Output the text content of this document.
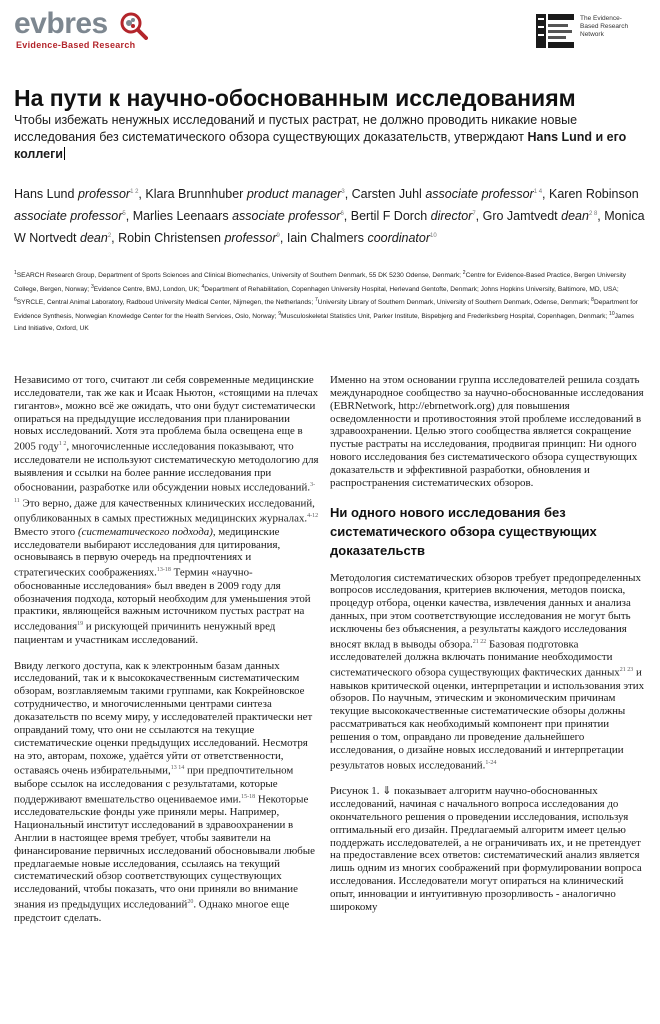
evbres
Evidence-Based Research
The Evidence-
Based Research
Network
На пути к научно-обоснованным исследованиям

Чтобы избежать ненужных исследований и пустых растрат, не должно проводить никакие новые исследования без систематического обзора существующих доказательств, утверждают Hans Lund и его коллеги

Hans Lund professor$^{1 2}$, Klara Brunnhuber product manager$^3$, Carsten Juhl associate professor$^{1 4}$, Karen Robinson associate professor$^5$, Marlies Leenaars associate professor$^6$, Bertil F Dorch director$^7$, Gro Jamtvedt dean$^{2 8}$, Monica W Nortvedt dean$^2$, Robin Christensen professor$^9$, Iain Chalmers coordinator$^{10}$

$^1$SEARCH Research Group, Department of Sports Sciences and Clinical Biomechanics, University of Southern Denmark, 55 DK 5230 Odense, Denmark; $^2$Centre for Evidence-Based Practice, Bergen University College, Bergen, Norway; $^3$Evidence Centre, BMJ, London, UK; $^4$Department of Rehabilitation, Copenhagen University Hospital, Herlevand Gentofte, Denmark; Johns Hopkins University, Baltimore, MD, USA; $^6$SYRCLE, Central Animal Laboratory, Radboud University Medical Center, Nijmegen, the Netherlands; $^7$University Library of Southern Denmark, University of Southern Denmark, Odense, Denmark; $^8$Department for Evidence Synthesis, Norwegian Knowledge Center for the Health Services, Oslo, Norway; $^9$Musculoskeletal Statistics Unit, Parker Institute, Bispebjerg and Frederiksberg Hospital, Copenhagen, Denmark; $^{10}$James Lind Initiative, Oxford, UK

Независимо от того, считают ли себя современные медицинские исследователи, так же как и Исаак Ньютон, «стоящими на плечах гигантов», можно всё же ожидать, что они будут систематически опираться на предыдущие исследования при планировании новых исследований. Хотя эта проблема была освещена еще в 2005 году$^{1 2}$, многочисленные исследования показывают, что исследователи не используют систематическую методологию для выявления и ссылки на более ранние исследования при обосновании, разработке или обсуждении новых исследований.$^{3-11}$ Это верно, даже для качественных клинических исследований, опубликованных в самых престижных медицинских журналах.$^{4-12}$ Вместо этого (систематического подхода), медицинские исследователи выбирают исследования для цитирования, основываясь в первую очередь на предпочтениях и стратегических соображениях.$^{13-18}$ Термин «научно-обоснованные исследования» был введен в 2009 году для обозначения подхода, который необходим для уменьшения этой практики, являющейся важным источником пустых растрат на исследования$^{19}$ и рискующей причинить ненужный вред пациентам и участникам исследований.

Ввиду легкого доступа, как к электронным базам данных исследований, так и к высококачественным систематическим обзорам, возглавляемым такими группами, как Кокрейновское сотрудничество, и многочисленными центрами синтеза доказательств по всему миру, у исследователей практически нет оправданий тому, что они не ссылаются на текущие систематические оценки предыдущих исследований. Несмотря на это, авторам, похоже, удаётся уйти от ответственности, оставаясь очень избирательными,$^{13 14}$ при предпочтительном выборе ссылок на исследования с результатами, которые поддерживают вмешательство оцениваемое ими.$^{15-18}$ Некоторые исследовательские фонды уже приняли меры. Например, Национальный институт исследований в здравоохранении в Англии в настоящее время требует, чтобы заявители на финансирование первичных исследований обосновывали любые предлагаемые новые исследования, ссылаясь на текущий систематический обзор соответствующих существующих исследований, чтобы показать, что они приняли во внимание знания из предыдущих исследований$^{20}$. Однако многое еще предстоит сделать.

Именно на этом основании группа исследователей решила создать международное сообщество за научно-обоснованные исследования (EBRNetwork, http://ebrnetwork.org) для повышения осведомленности и противостояния этой проблеме исследований в здравоохранении. Целью этого сообщества является сокращение пустые растраты на исследования, продвигая принцип: Ни одного нового исследования без систематического обзора существующих доказательств и эффективной разработки, обновления и распространения систематических обзоров.

Ни одного нового исследования без систематического обзора существующих доказательств

Методология систематических обзоров требует предопределенных вопросов исследования, критериев включения, методов поиска, процедур отбора, оценки качества, извлечения данных и анализа данных, при этом соответствующие исследования не могут быть исключены без объяснения, а результаты каждого исследования вносят вклад в выводы обзора.$^{21 22}$ Базовая подготовка исследователей должна включать понимание необходимости систематического обзора существующих фактических данных$^{21 23}$ и навыков критической оценки, интерпретации и использования этих обзоров. По научным, этическим и экономическим причинам текущие высококачественные систематические обзоры должны рассматриваться как необходимый компонент при принятии решения о том, оправдано ли проведение дальнейшего исследования, о дизайне новых исследований и интерпретации результатов новых исследований.$^{1-24}$

Рисунок 1. ⇓ показывает алгоритм научно-обоснованных исследований, начиная с начального вопроса исследования до окончательного решения о проведении исследования, используя оптимальный его дизайн. Предлагаемый алгоритм имеет целью поддержать исследователей, а не ограничивать их, и не претендует на предоставление всех ответов: систематический анализ является лишь одним из многих соображений при формулировании вопроса исследования. Исследователи могут опираться на клинический опыт, инновации и интуитивную прозорливость - аналогично широкому
